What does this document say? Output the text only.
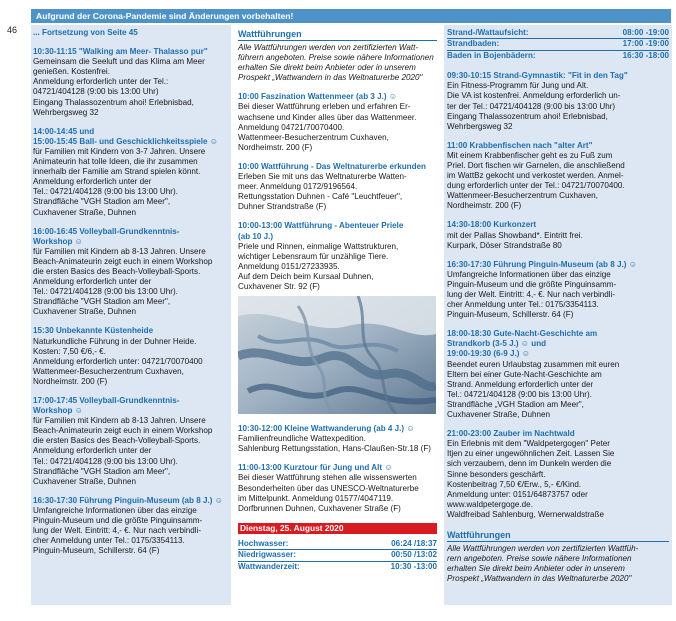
Aufgrund der Corona-Pandemie sind Änderungen vorbehalten!
46 ... Fortsetzung von Seite 45
10:30-11:15 "Walking am Meer- Thalasso pur"
Gemeinsam die Seeluft und das Klima am Meer
genießen. Kostenfrei.
Anmeldung erforderlich unter der Tel.:
04721/404128 (9:00 bis 13:00 Uhr)
Eingang Thalassozentrum ahoi! Erlebnisbad,
Wehrbergsweg 32
14:00-14:45 und
15:00-15:45 Ball- und Geschicklichkeitsspiele ☺
für Familien mit Kindern von 3-7 Jahren. Unsere
Animateurin hat tolle Ideen, die ihr zusammen
innerhalb der Familie am Strand spielen könnt.
Anmeldung erforderlich unter der
Tel.: 04721/404128 (9:00 bis 13:00 Uhr).
Strandfläche "VGH Stadion am Meer",
Cuxhavener Straße, Duhnen
16:00-16:45 Volleyball-Grundkenntnis-
Workshop ☺
für Familien mit Kindern ab 8-13 Jahren. Unsere
Beach-Animateurin zeigt euch in einem Workshop
die ersten Basics des Beach-Volleyball-Sports.
Anmeldung erforderlich unter der
Tel.: 04721/404128 (9:00 bis 13:00 Uhr).
Strandfläche "VGH Stadion am Meer",
Cuxhavener Straße, Duhnen
15:30 Unbekannte Küstenheide
Naturkundliche Führung in der Duhner Heide.
Kosten: 7,50 €/6,- €.
Anmeldung erforderlich unter: 04721/70070400
Wattenmeer-Besucherzentrum Cuxhaven,
Nordheimstr. 200 (F)
17:00-17:45 Volleyball-Grundkenntnis-
Workshop ☺
für Familien mit Kindern ab 8-13 Jahren. Unsere
Beach-Animateurin zeigt euch in einem Workshop
die ersten Basics des Beach-Volleyball-Sports.
Anmeldung erforderlich unter der
Tel.: 04721/404128 (9:00 bis 13:00 Uhr).
Strandfläche "VGH Stadion am Meer",
Cuxhavener Straße, Duhnen
16:30-17:30 Führung Pinguin-Museum (ab 8 J.) ☺
Umfangreiche Informationen über das einzige
Pinguin-Museum und die größte Pinguinsamm-
lung der Welt. Eintritt: 4,- €. Nur nach verbindli-
cher Anmeldung unter Tel.: 0175/3354113.
Pinguin-Museum, Schillerstr. 64 (F)
Wattführungen
Alle Wattführungen werden von zertifizierten Watt-
führern angeboten. Preise sowie nähere Informationen
erhalten Sie direkt beim Anbieter oder in unserem
Prospekt „Wattwandern in das Weltnaturerbe 2020"
10:00 Faszination Wattenmeer (ab 3 J.) ☺
Bei dieser Wattführung erleben und erfahren Er-
wachsene und Kinder alles über das Wattenmeer.
Anmeldung 04721/70070400.
Wattenmeer-Besucherzentrum Cuxhaven,
Nordheimstr. 200 (F)
10:00 Wattführung - Das Weltnaturerbe erkunden
Erleben Sie mit uns das Weltnaturerbe Watten-
meer. Anmeldung 0172/9196564.
Rettungsstation Duhnen - Café "Leuchtfeuer",
Duhner Strandstraße (F)
10:00-13:00 Wattführung - Abenteuer Priele
(ab 10 J.)
Priele und Rinnen, einmalige Wattstrukturen,
wichtiger Lebensraum für unzählige Tiere.
Anmeldung 0151/27233935.
Auf dem Deich beim Kursaal Duhnen,
Cuxhavener Str. 92 (F)
10:30-12:00 Kleine Wattwanderung (ab 4 J.) ☺
Familienfreundliche Wattexpedition.
Sahlenburg Rettungsstation, Hans-Claußen-Str.18 (F)
11:00-13:00 Kurztour für Jung und Alt ☺
Bei dieser Wattführung stehen alle wissenswerten
Besonderheiten über das UNESCO-Weltnaturerbe
im Mittelpunkt. Anmeldung 01577/4047119.
Dorfbrunnen Duhnen, Cuxhavener Straße (F)
Dienstag, 25. August 2020
Hochwasser:	06:24 /18:37
Niedrigwasser:	00:50 /13:02
Wattwanderzeit:	10:30 -13:00
Strand-/Wattaufsicht:	08:00 -19:00
Strandbaden:	17:00 -19:00
Baden in Bojenbädern:	16:30 -18:00
09:30-10:15 Strand-Gymnastik: "Fit in den Tag"
Ein Fitness-Programm für Jung und Alt.
Die VA ist kostenfrei. Anmeldung erforderlich un-
ter der Tel.: 04721/404128 (9:00 bis 13:00 Uhr)
Eingang Thalassozentrum ahoi! Erlebnisbad,
Wehrbergsweg 32
11:00 Krabbenfischen nach "alter Art"
Mit einem Krabbenfischer geht es zu Fuß zum
Priel. Dort fischen wir Garnelen, die anschließend
im WattBz gekocht und verkostet werden. Anmel-
dung erforderlich unter der Tel.: 04721/70070400.
Wattenmeer-Besucherzentrum Cuxhaven,
Nordheimstr. 200 (F)
14:30-18:00 Kurkonzert
mit der Pallas Showband*. Eintritt frei.
Kurpark, Döser Strandstraße 80
16:30-17:30 Führung Pinguin-Museum (ab 8 J.) ☺
Umfangreiche Informationen über das einzige
Pinguin-Museum und die größte Pinguinsamm-
lung der Welt. Eintritt: 4,- €. Nur nach verbindli-
cher Anmeldung unter Tel.: 0175/3354113.
Pinguin-Museum, Schillerstr. 64 (F)
18:00-18:30 Gute-Nacht-Geschichte am
Strandkorb (3-5 J.) ☺ und
19:00-19:30 (6-9 J.) ☺
Beendet euren Urlaubstag zusammen mit euren
Eltern bei einer Gute-Nacht-Geschichte am
Strand. Anmeldung erforderlich unter der
Tel.: 04721/404128 (9:00 bis 13:00 Uhr).
Strandfläche „VGH Stadion am Meer",
Cuxhavener Straße, Duhnen
21:00-23:00 Zauber im Nachtwald
Ein Erlebnis mit dem "Waldpetergogen" Peter
Itjen zu einer ungewöhnlichen Zeit. Lassen Sie
sich verzaubern, denn im Dunkeln werden die
Sinne besonders geschärft.
Kostenbeitrag 7,50 €/Erw., 5,- €/Kind.
Anmeldung unter: 0151/64873757 oder
www.waldpetergoge.de.
Waldfreibad Sahlenburg, Wernerwaldstraße
Wattführungen
Alle Wattführungen werden von zertifizierten Wattfüh-
rern angeboten. Preise sowie nähere Informationen
erhalten Sie direkt beim Anbieter oder in unserem
Prospekt „Wattwandern in das Weltnaturerbe 2020"
